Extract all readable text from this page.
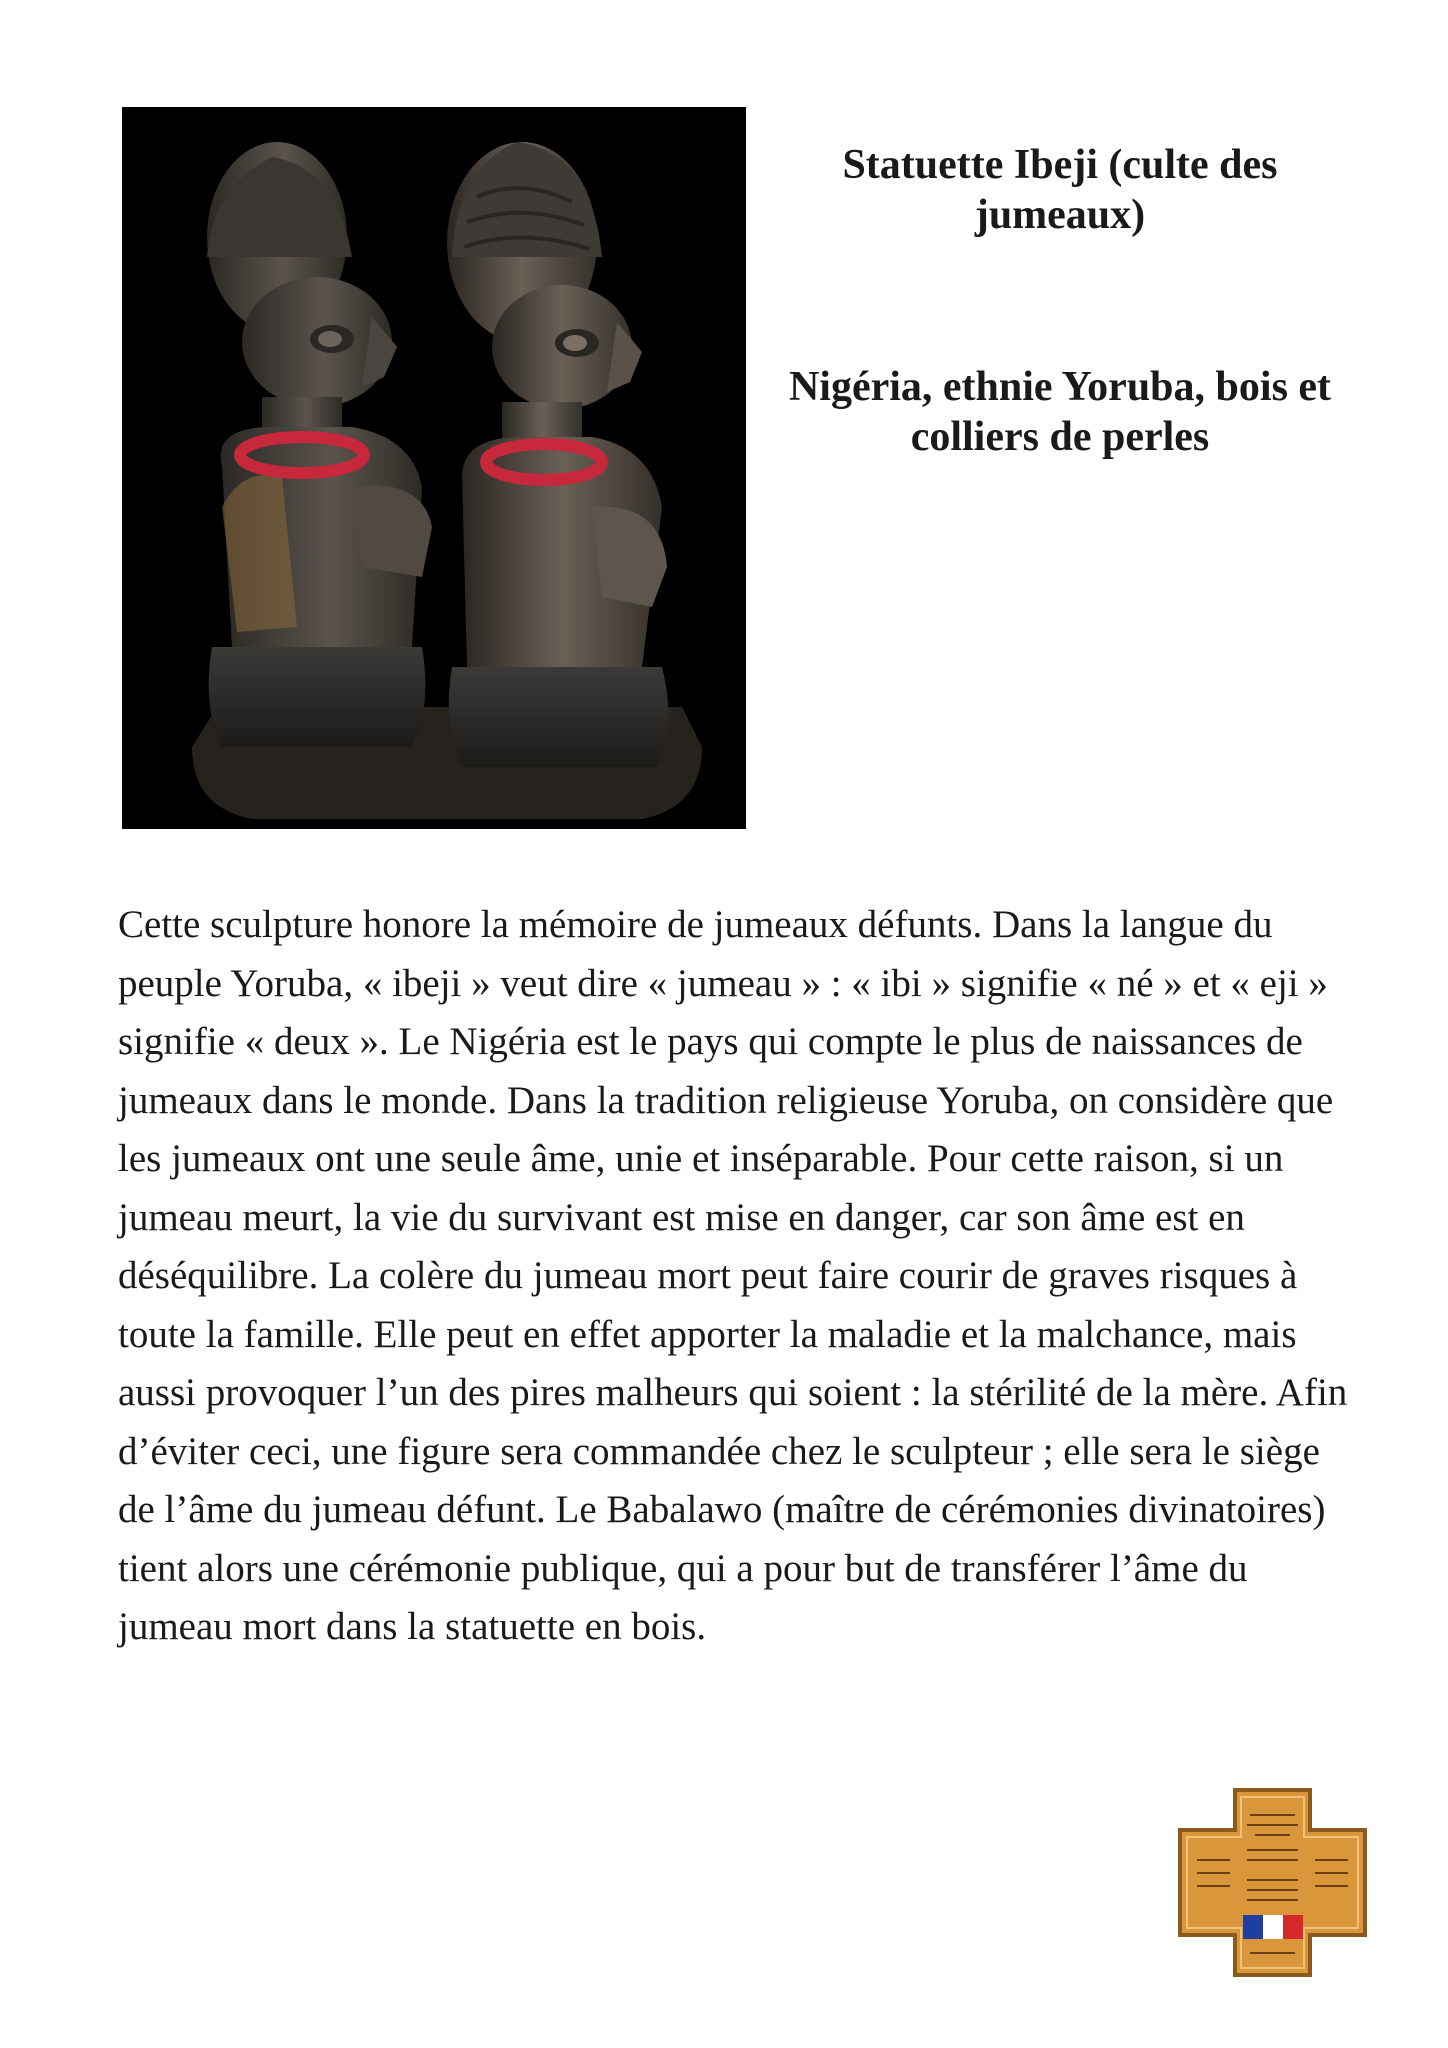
Statuette Ibeji (culte des jumeaux)

Nigéria, ethnie Yoruba, bois et colliers de perles

Cette sculpture honore la mémoire de jumeaux défunts. Dans la langue du peuple Yoruba, « ibeji » veut dire « jumeau » : « ibi » signifie « né » et « eji » signifie « deux ». Le Nigéria est le pays qui compte le plus de naissances de jumeaux dans le monde. Dans la tradition religieuse Yoruba, on considère que les jumeaux ont une seule âme, unie et inséparable. Pour cette raison, si un jumeau meurt, la vie du survivant est mise en danger, car son âme est en déséquilibre. La colère du jumeau mort peut faire courir de graves risques à toute la famille. Elle peut en effet apporter la maladie et la malchance, mais aussi provoquer l’un des pires malheurs qui soient : la stérilité de la mère. Afin d’éviter ceci, une figure sera commandée chez le sculpteur ; elle sera le siège de l’âme du jumeau défunt. Le Babalawo (maître de cérémonies divinatoires) tient alors une cérémonie publique, qui a pour but de transférer l’âme du jumeau mort dans la statuette en bois.
